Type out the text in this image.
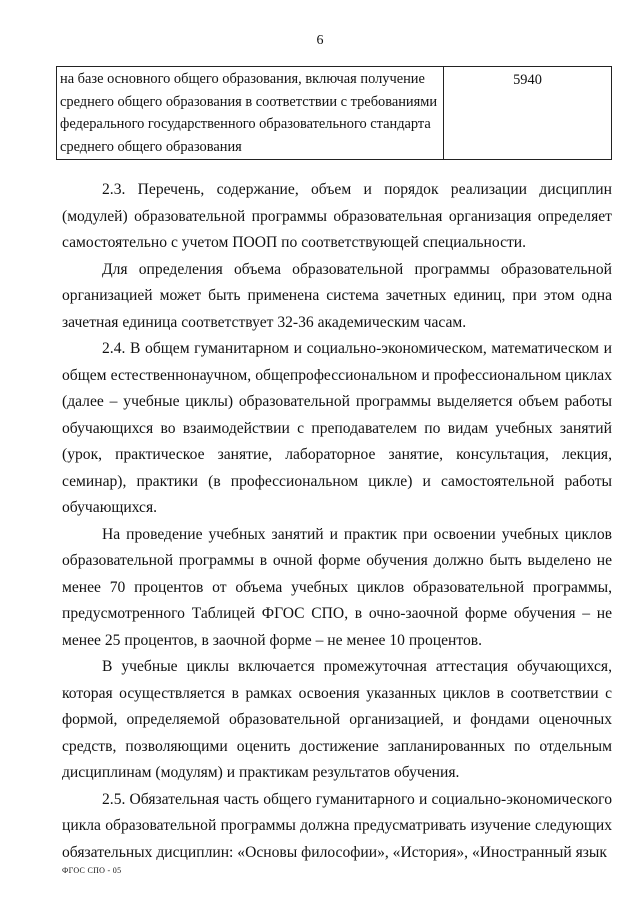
6
на базе основного общего образования, включая получение среднего общего образования в соответствии с требованиями федерального государственного образовательного стандарта среднего общего образования	5940

2.3. Перечень, содержание, объем и порядок реализации дисциплин (модулей) образовательной программы образовательная организация определяет самостоятельно с учетом ПООП по соответствующей специальности.

Для определения объема образовательной программы образовательной организацией может быть применена система зачетных единиц, при этом одна зачетная единица соответствует 32-36 академическим часам.

2.4. В общем гуманитарном и социально-экономическом, математическом и общем естественнонаучном, общепрофессиональном и профессиональном циклах (далее – учебные циклы) образовательной программы выделяется объем работы обучающихся во взаимодействии с преподавателем по видам учебных занятий (урок, практическое занятие, лабораторное занятие, консультация, лекция, семинар), практики (в профессиональном цикле) и самостоятельной работы обучающихся.

На проведение учебных занятий и практик при освоении учебных циклов образовательной программы в очной форме обучения должно быть выделено не менее 70 процентов от объема учебных циклов образовательной программы, предусмотренного Таблицей ФГОС СПО, в очно-заочной форме обучения – не менее 25 процентов, в заочной форме – не менее 10 процентов.

В учебные циклы включается промежуточная аттестация обучающихся, которая осуществляется в рамках освоения указанных циклов в соответствии с формой, определяемой образовательной организацией, и фондами оценочных средств, позволяющими оценить достижение запланированных по отдельным дисциплинам (модулям) и практикам результатов обучения.

2.5. Обязательная часть общего гуманитарного и социально-экономического цикла образовательной программы должна предусматривать изучение следующих обязательных дисциплин: «Основы философии», «История», «Иностранный язык

ФГОС СПО - 05
